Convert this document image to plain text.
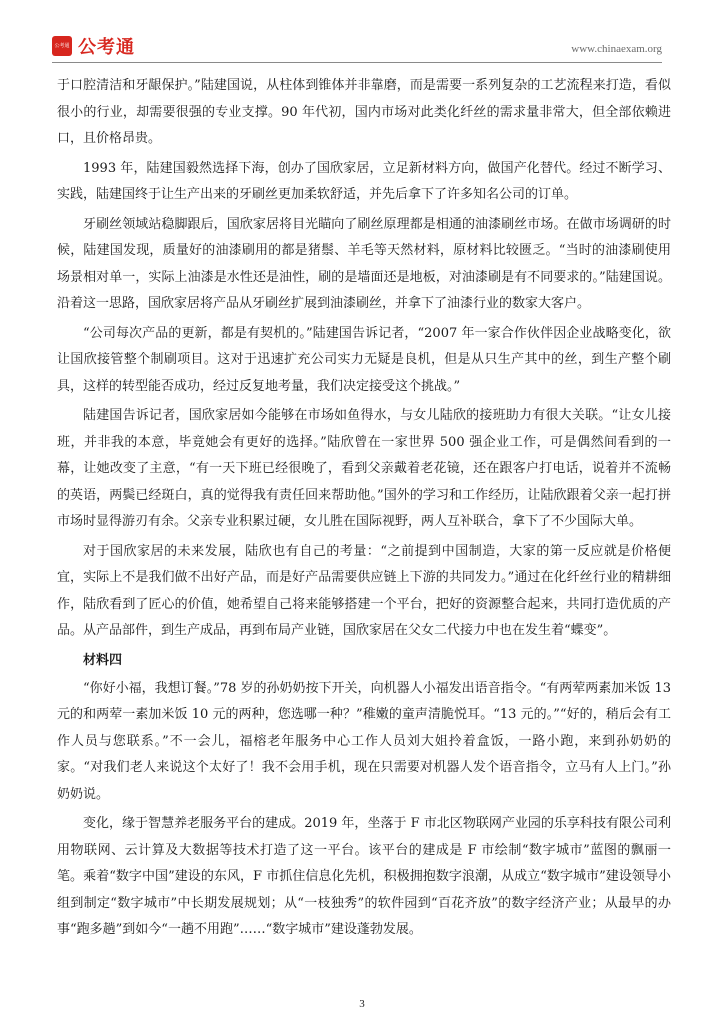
公考通 公考通	www.chinaexam.org

于口腔清洁和牙龈保护。”陆建国说，从柱体到锥体并非靠磨，而是需要一系列复杂的工艺流程来打造，看似很小的行业，却需要很强的专业支撑。90 年代初，国内市场对此类化纤丝的需求量非常大，但全部依赖进口，且价格昂贵。

1993 年，陆建国毅然选择下海，创办了国欣家居，立足新材料方向，做国产化替代。经过不断学习、实践，陆建国终于让生产出来的牙刷丝更加柔软舒适，并先后拿下了许多知名公司的订单。

牙刷丝领域站稳脚跟后，国欣家居将目光瞄向了刷丝原理都是相通的油漆刷丝市场。在做市场调研的时候，陆建国发现，质量好的油漆刷用的都是猪鬃、羊毛等天然材料，原材料比较匮乏。“当时的油漆刷使用场景相对单一，实际上油漆是水性还是油性，刷的是墙面还是地板，对油漆刷是有不同要求的。”陆建国说。沿着这一思路，国欣家居将产品从牙刷丝扩展到油漆刷丝，并拿下了油漆行业的数家大客户。

“公司每次产品的更新，都是有契机的。”陆建国告诉记者，“2007 年一家合作伙伴因企业战略变化，欲让国欣接管整个制刷项目。这对于迅速扩充公司实力无疑是良机，但是从只生产其中的丝，到生产整个刷具，这样的转型能否成功，经过反复地考量，我们决定接受这个挑战。”

陆建国告诉记者，国欣家居如今能够在市场如鱼得水，与女儿陆欣的接班助力有很大关联。“让女儿接班，并非我的本意，毕竟她会有更好的选择。”陆欣曾在一家世界 500 强企业工作，可是偶然间看到的一幕，让她改变了主意，“有一天下班已经很晚了，看到父亲戴着老花镜，还在跟客户打电话，说着并不流畅的英语，两鬓已经斑白，真的觉得我有责任回来帮助他。”国外的学习和工作经历，让陆欣跟着父亲一起打拼市场时显得游刃有余。父亲专业积累过硬，女儿胜在国际视野，两人互补联合，拿下了不少国际大单。

对于国欣家居的未来发展，陆欣也有自己的考量：“之前提到中国制造，大家的第一反应就是价格便宜，实际上不是我们做不出好产品，而是好产品需要供应链上下游的共同发力。”通过在化纤丝行业的精耕细作，陆欣看到了匠心的价值，她希望自己将来能够搭建一个平台，把好的资源整合起来，共同打造优质的产品。从产品部件，到生产成品，再到布局产业链，国欣家居在父女二代接力中也在发生着“蝶变”。

材料四

“你好小福，我想订餐。”78 岁的孙奶奶按下开关，向机器人小福发出语音指令。“有两荤两素加米饭 13 元的和两荤一素加米饭 10 元的两种，您选哪一种？”稚嫩的童声清脆悦耳。“13 元的。”“好的，稍后会有工作人员与您联系。”不一会儿，福榕老年服务中心工作人员刘大姐拎着盒饭，一路小跑，来到孙奶奶的家。“对我们老人来说这个太好了！我不会用手机，现在只需要对机器人发个语音指令，立马有人上门。”孙奶奶说。

变化，缘于智慧养老服务平台的建成。2019 年，坐落于 F 市北区物联网产业园的乐享科技有限公司利用物联网、云计算及大数据等技术打造了这一平台。该平台的建成是 F 市绘制“数字城市”蓝图的飘丽一笔。乘着“数字中国”建设的东风，F 市抓住信息化先机，积极拥抱数字浪潮，从成立“数字城市”建设领导小组到制定“数字城市”中长期发展规划；从“一枝独秀”的软件园到“百花齐放”的数字经济产业；从最早的办事“跑多趟”到如今“一趟不用跑”……“数字城市”建设蓬勃发展。

3
